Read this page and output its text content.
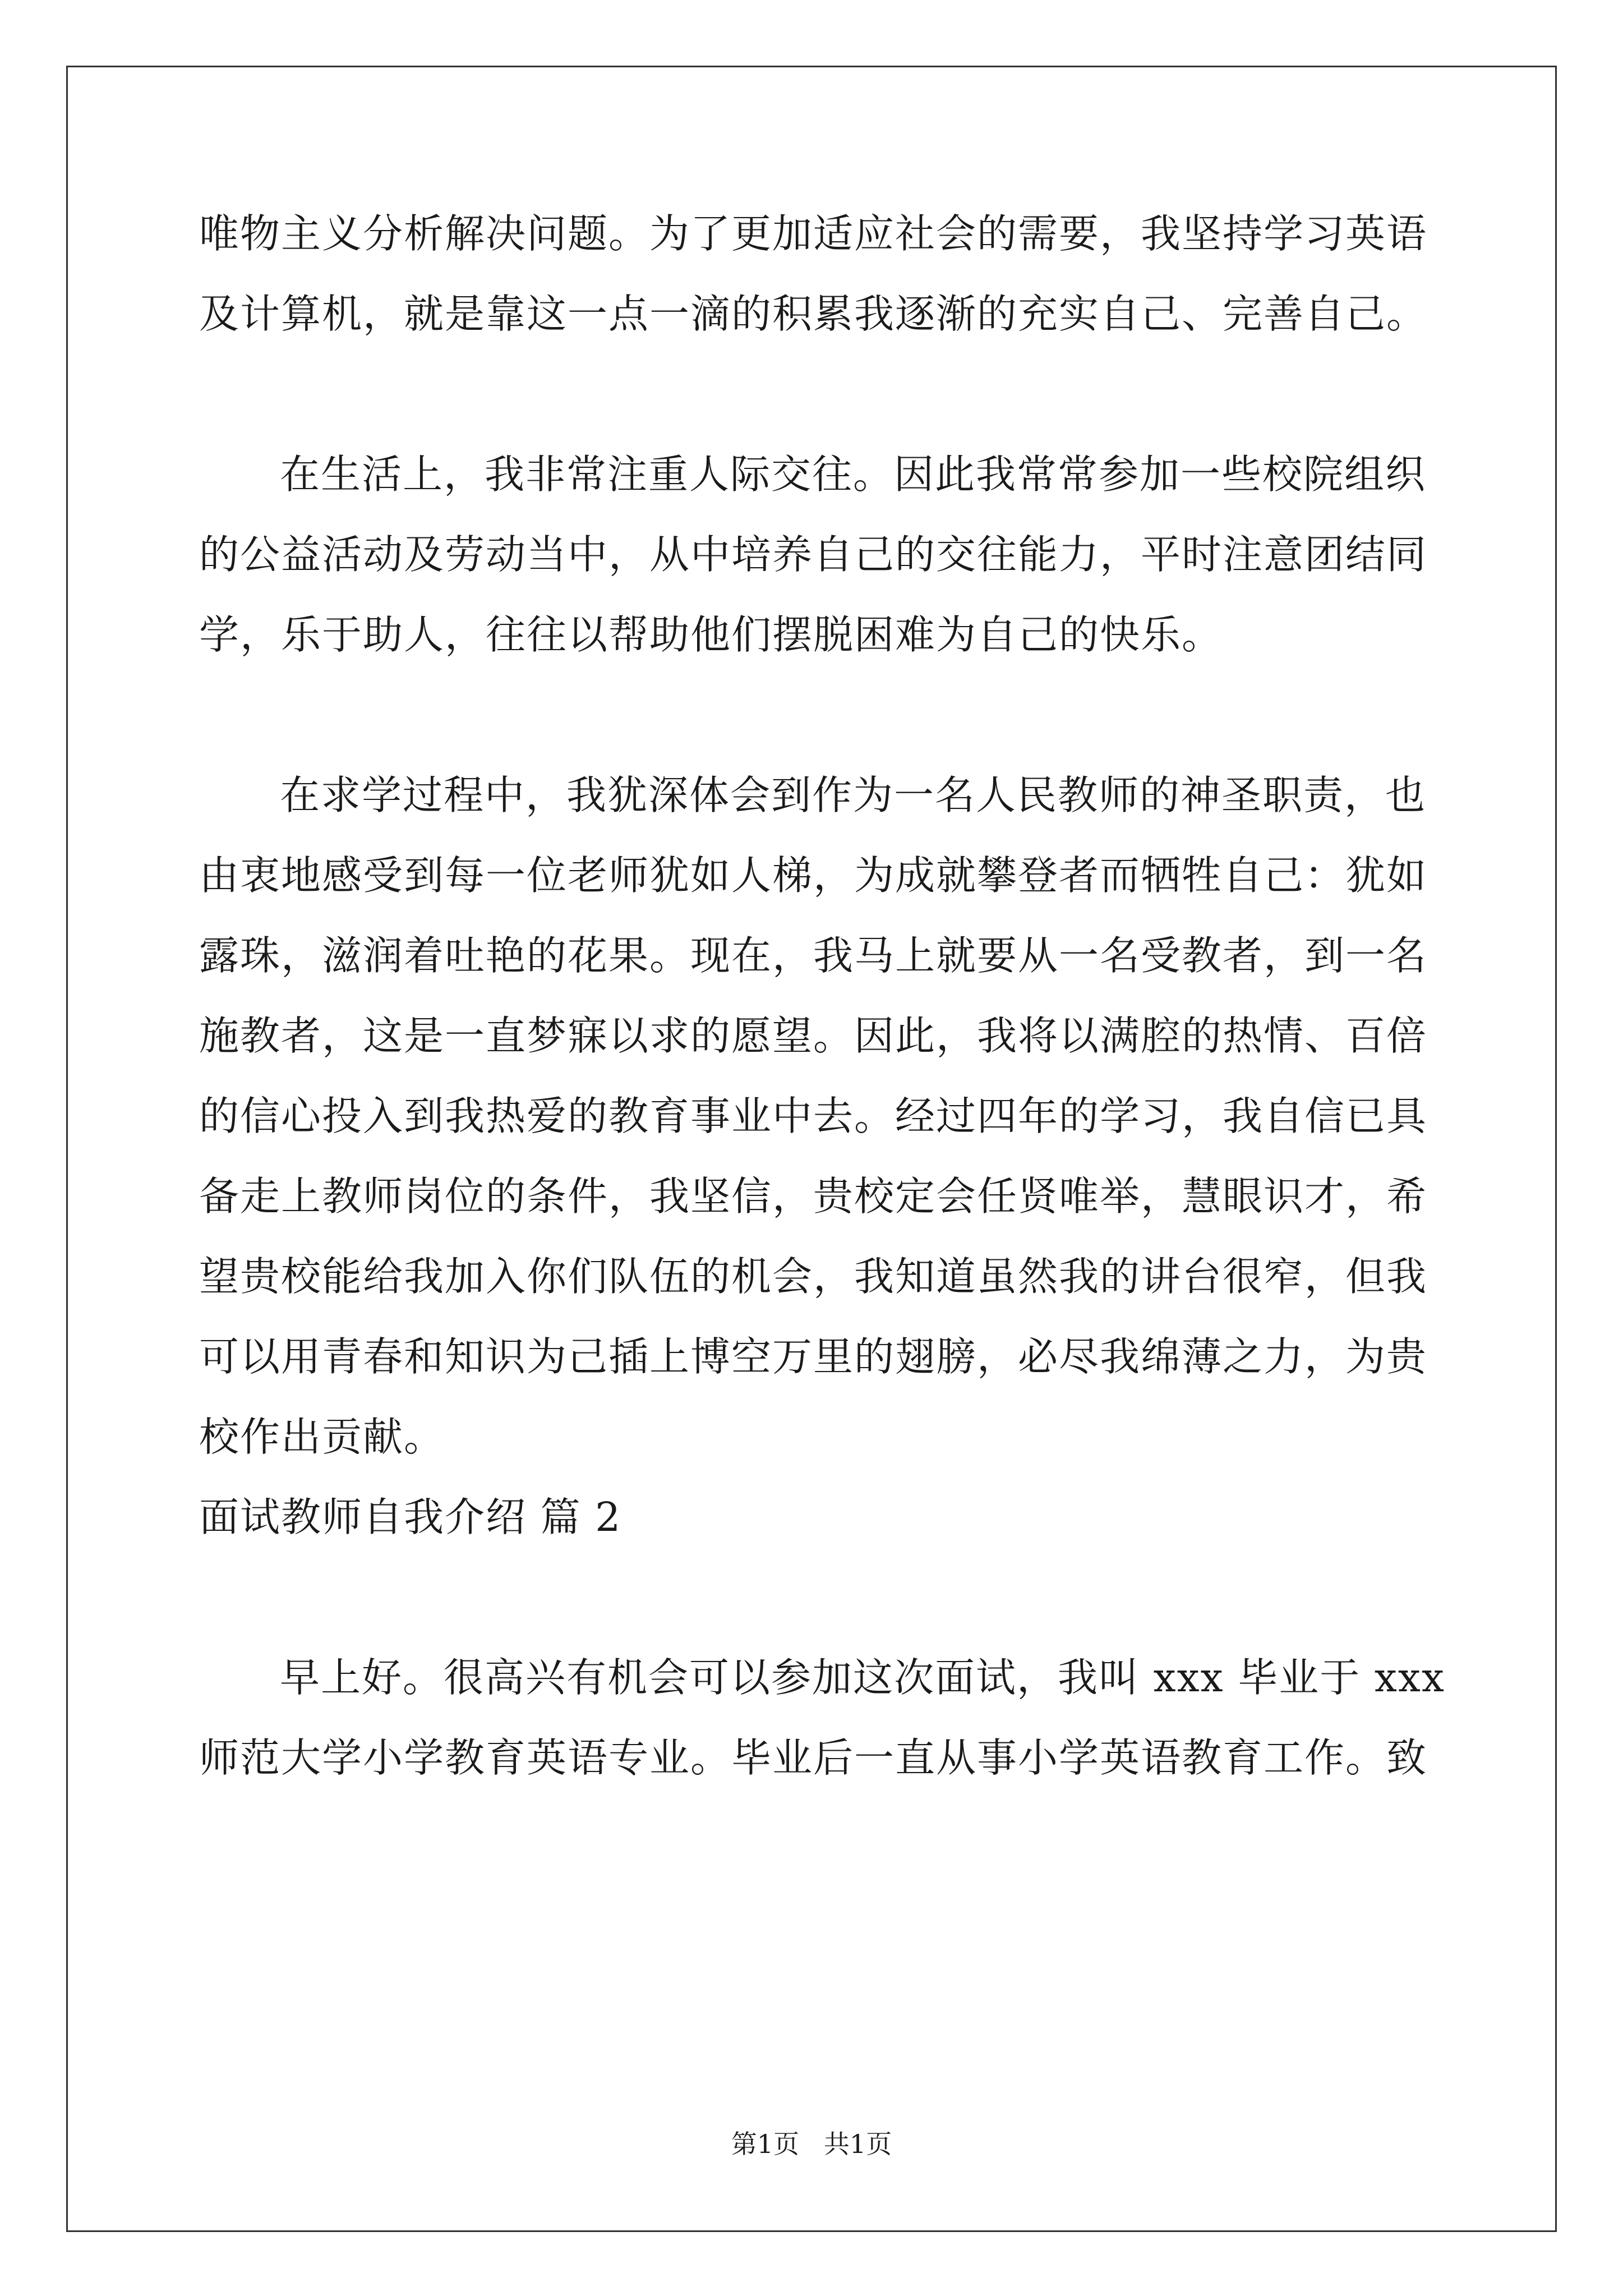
唯物主义分析解决问题。为了更加适应社会的需要，我坚持学习英语
及计算机，就是靠这一点一滴的积累我逐渐的充实自己、完善自己。
在生活上，我非常注重人际交往。因此我常常参加一些校院组织
的公益活动及劳动当中，从中培养自己的交往能力，平时注意团结同
学，乐于助人，往往以帮助他们摆脱困难为自己的快乐。
在求学过程中，我犹深体会到作为一名人民教师的神圣职责，也
由衷地感受到每一位老师犹如人梯，为成就攀登者而牺牲自己：犹如
露珠，滋润着吐艳的花果。现在，我马上就要从一名受教者，到一名
施教者，这是一直梦寐以求的愿望。因此，我将以满腔的热情、百倍
的信心投入到我热爱的教育事业中去。经过四年的学习，我自信已具
备走上教师岗位的条件，我坚信，贵校定会任贤唯举，慧眼识才，希
望贵校能给我加入你们队伍的机会，我知道虽然我的讲台很窄，但我
可以用青春和知识为己插上博空万里的翅膀，必尽我绵薄之力，为贵
校作出贡献。
面试教师自我介绍 篇 2
早上好。很高兴有机会可以参加这次面试，我叫 xxx 毕业于 xxx
师范大学小学教育英语专业。毕业后一直从事小学英语教育工作。致
第1页   共1页
